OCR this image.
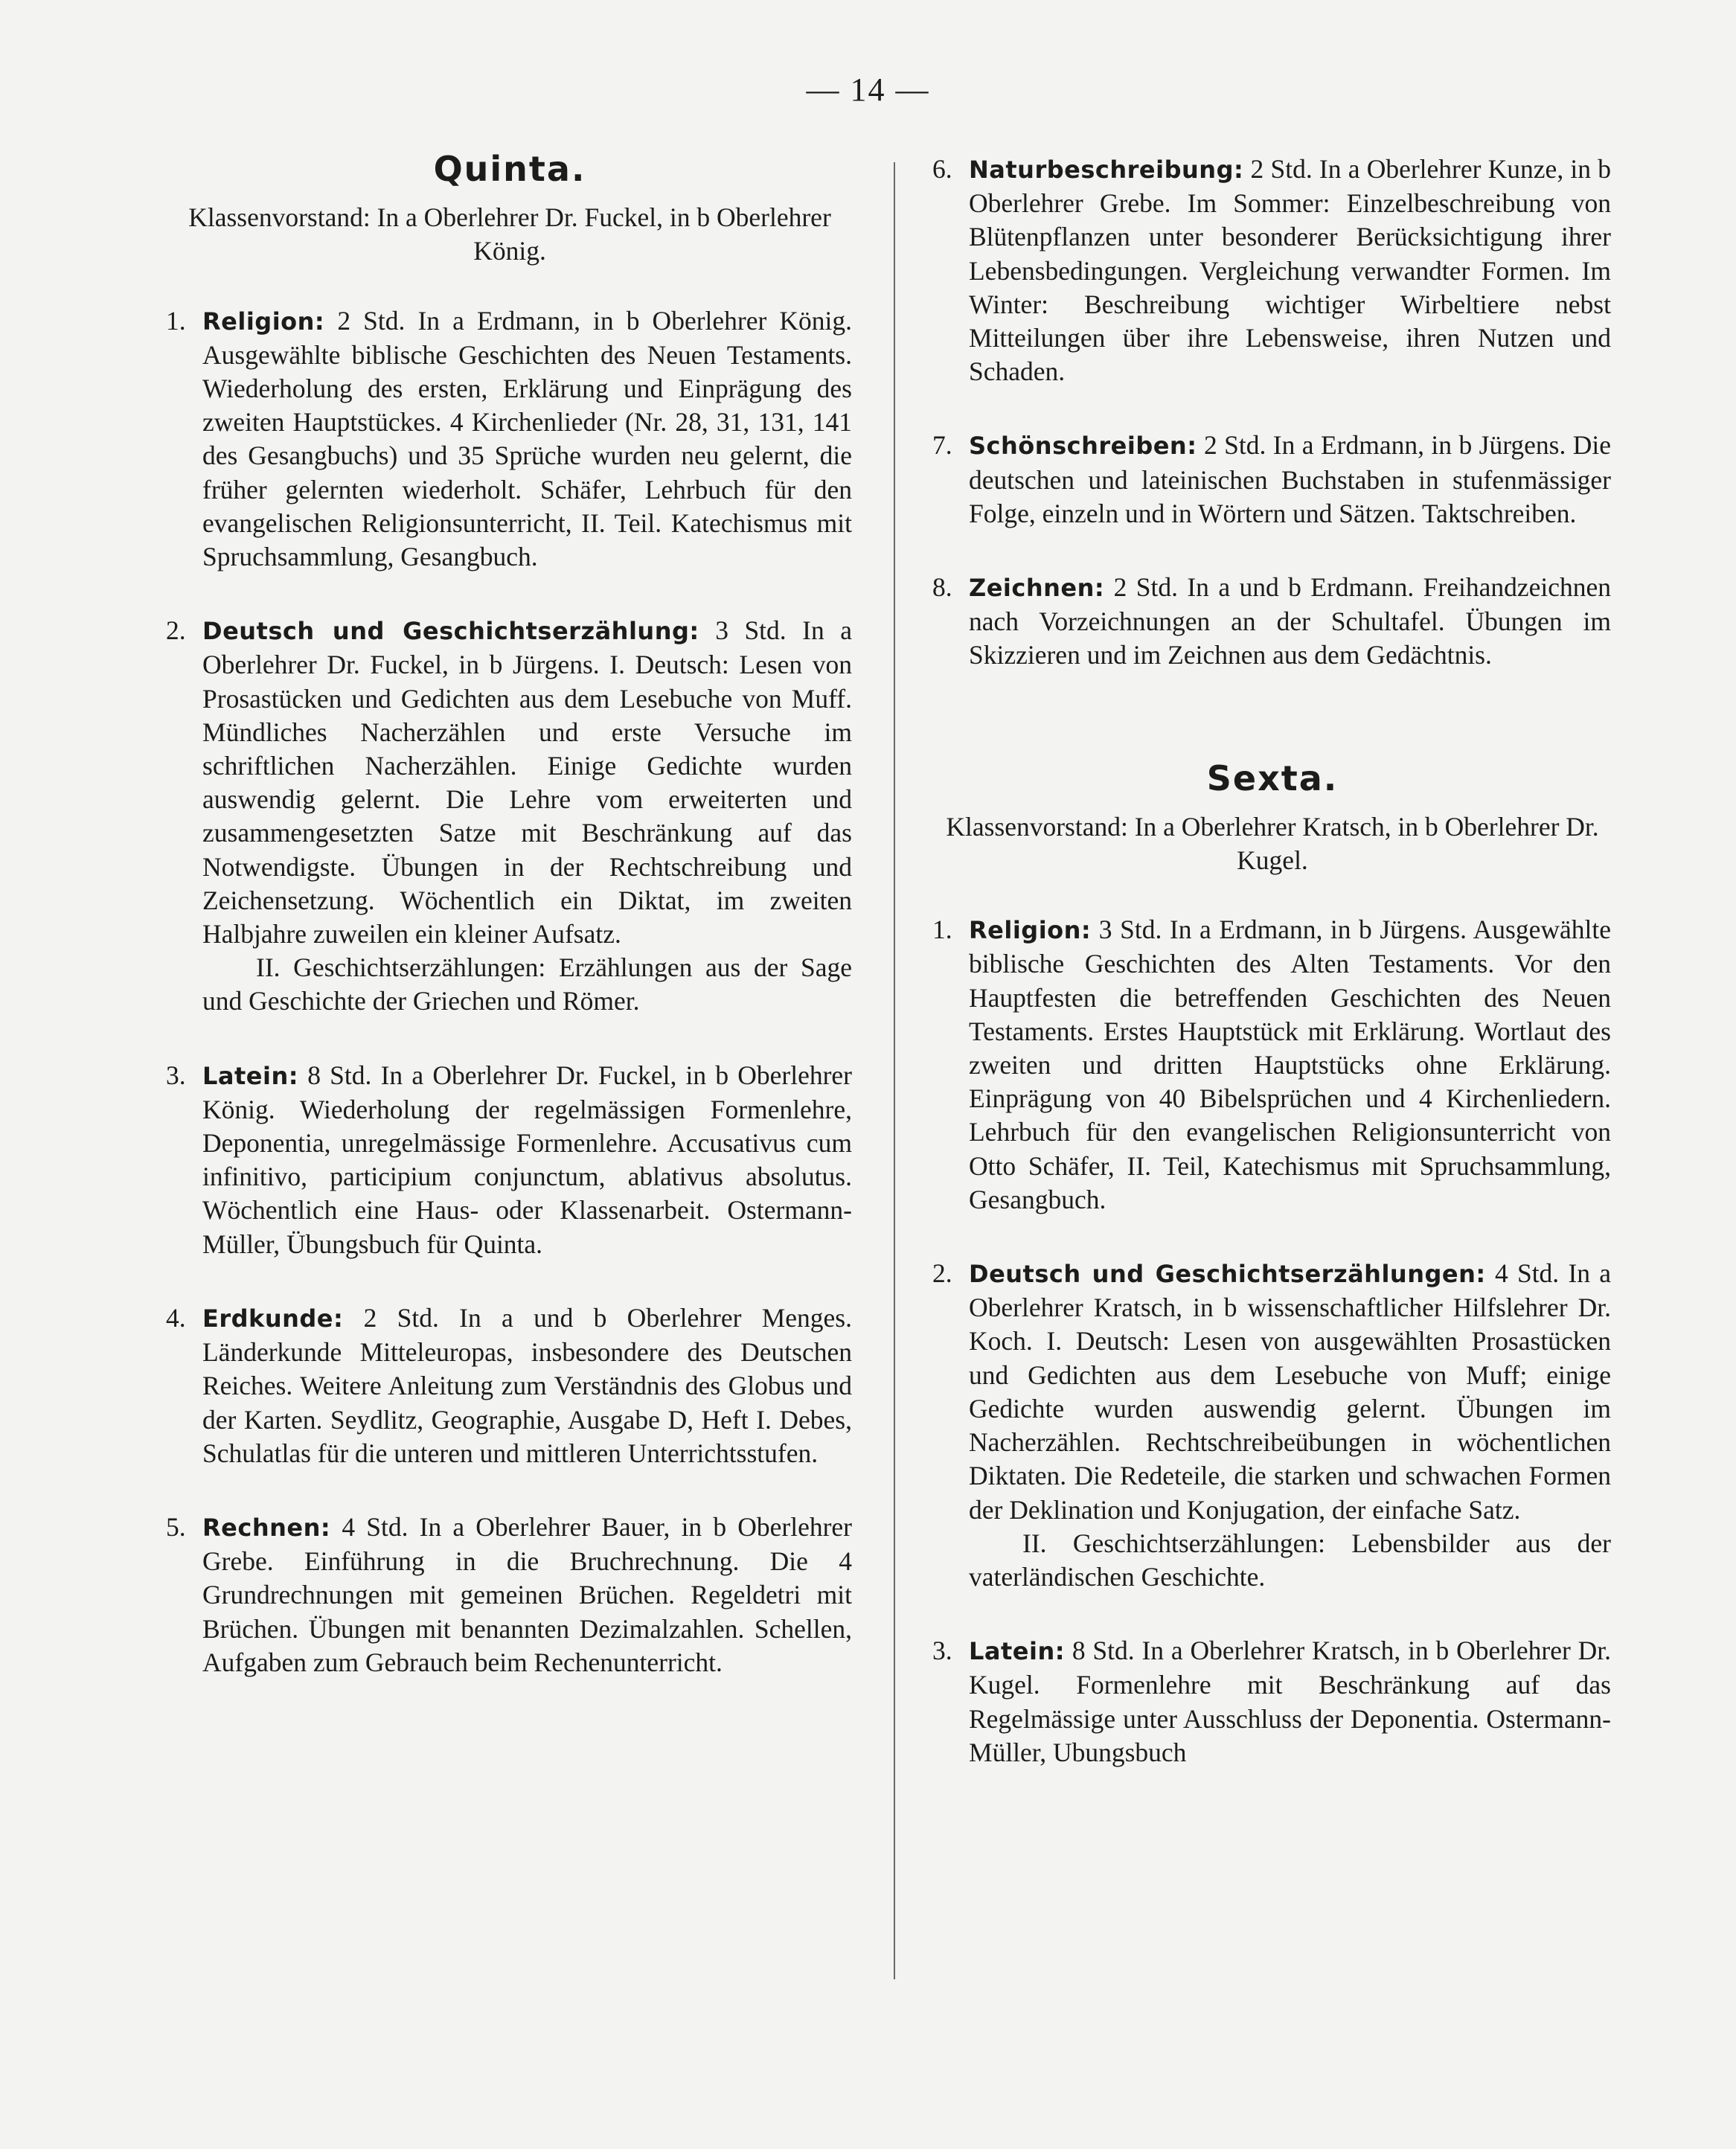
— 14 —
Quinta.
Klassenvorstand: In a Oberlehrer Dr. Fuckel, in b Oberlehrer König.
1. Religion: 2 Std. In a Erdmann, in b Oberlehrer König. Ausgewählte biblische Geschichten des Neuen Testaments. Wiederholung des ersten, Erklärung und Einprägung des zweiten Hauptstückes. 4 Kirchenlieder (Nr. 28, 31, 131, 141 des Gesangbuchs) und 35 Sprüche wurden neu gelernt, die früher gelernten wiederholt. Schäfer, Lehrbuch für den evangelischen Religionsunterricht, II. Teil. Katechismus mit Spruchsammlung, Gesangbuch.
2. Deutsch und Geschichtserzählung: 3 Std. In a Oberlehrer Dr. Fuckel, in b Jürgens. I. Deutsch: Lesen von Prosastücken und Gedichten aus dem Lesebuche von Muff. Mündliches Nacherzählen und erste Versuche im schriftlichen Nacherzählen. Einige Gedichte wurden auswendig gelernt. Die Lehre vom erweiterten und zusammengesetzten Satze mit Beschränkung auf das Notwendigste. Übungen in der Rechtschreibung und Zeichensetzung. Wöchentlich ein Diktat, im zweiten Halbjahre zuweilen ein kleiner Aufsatz.
II. Geschichtserzählungen: Erzählungen aus der Sage und Geschichte der Griechen und Römer.
3. Latein: 8 Std. In a Oberlehrer Dr. Fuckel, in b Oberlehrer König. Wiederholung der regelmässigen Formenlehre, Deponentia, unregelmässige Formenlehre. Accusativus cum infinitivo, participium conjunctum, ablativus absolutus. Wöchentlich eine Haus- oder Klassenarbeit. Ostermann-Müller, Übungsbuch für Quinta.
4. Erdkunde: 2 Std. In a und b Oberlehrer Menges. Länderkunde Mitteleuropas, insbesondere des Deutschen Reiches. Weitere Anleitung zum Verständnis des Globus und der Karten. Seydlitz, Geographie, Ausgabe D, Heft I. Debes, Schulatlas für die unteren und mittleren Unterrichtsstufen.
5. Rechnen: 4 Std. In a Oberlehrer Bauer, in b Oberlehrer Grebe. Einführung in die Bruchrechnung. Die 4 Grundrechnungen mit gemeinen Brüchen. Regeldetri mit Brüchen. Übungen mit benannten Dezimalzahlen. Schellen, Aufgaben zum Gebrauch beim Rechenunterricht.
6. Naturbeschreibung: 2 Std. In a Oberlehrer Kunze, in b Oberlehrer Grebe. Im Sommer: Einzelbeschreibung von Blütenpflanzen unter besonderer Berücksichtigung ihrer Lebensbedingungen. Vergleichung verwandter Formen. Im Winter: Beschreibung wichtiger Wirbeltiere nebst Mitteilungen über ihre Lebensweise, ihren Nutzen und Schaden.
7. Schönschreiben: 2 Std. In a Erdmann, in b Jürgens. Die deutschen und lateinischen Buchstaben in stufenmässiger Folge, einzeln und in Wörtern und Sätzen. Taktschreiben.
8. Zeichnen: 2 Std. In a und b Erdmann. Freihandzeichnen nach Vorzeichnungen an der Schultafel. Übungen im Skizzieren und im Zeichnen aus dem Gedächtnis.
Sexta.
Klassenvorstand: In a Oberlehrer Kratsch, in b Oberlehrer Dr. Kugel.
1. Religion: 3 Std. In a Erdmann, in b Jürgens. Ausgewählte biblische Geschichten des Alten Testaments. Vor den Hauptfesten die betreffenden Geschichten des Neuen Testaments. Erstes Hauptstück mit Erklärung. Wortlaut des zweiten und dritten Hauptstücks ohne Erklärung. Einprägung von 40 Bibelsprüchen und 4 Kirchenliedern. Lehrbuch für den evangelischen Religionsunterricht von Otto Schäfer, II. Teil, Katechismus mit Spruchsammlung, Gesangbuch.
2. Deutsch und Geschichtserzählungen: 4 Std. In a Oberlehrer Kratsch, in b wissenschaftlicher Hilfslehrer Dr. Koch. I. Deutsch: Lesen von ausgewählten Prosastücken und Gedichten aus dem Lesebuche von Muff; einige Gedichte wurden auswendig gelernt. Übungen im Nacherzählen. Rechtschreibeübungen in wöchentlichen Diktaten. Die Redeteile, die starken und schwachen Formen der Deklination und Konjugation, der einfache Satz.
II. Geschichtserzählungen: Lebensbilder aus der vaterländischen Geschichte.
3. Latein: 8 Std. In a Oberlehrer Kratsch, in b Oberlehrer Dr. Kugel. Formenlehre mit Beschränkung auf das Regelmässige unter Ausschluss der Deponentia. Ostermann-Müller, Ubungsbuch
